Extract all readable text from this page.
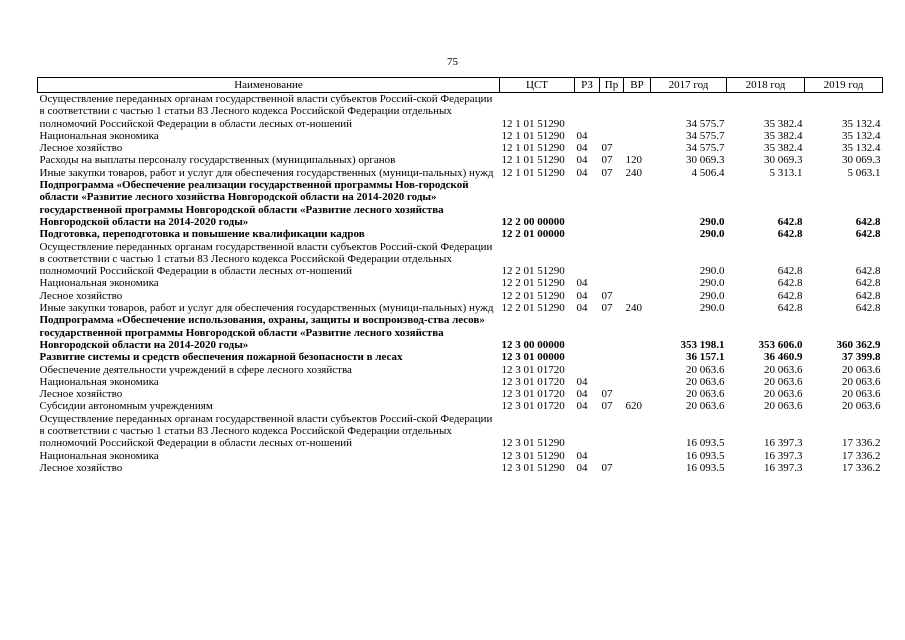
75
Наименование	ЦСТ	РЗ	Пр	ВР	2017 год	2018 год	2019 год
Осуществление переданных органам государственной власти субъектов Россий-ской Федерации в соответствии с частью 1 статьи 83 Лесного кодекса Российской Федерации отдельных полномочий Российской Федерации в области лесных от-ношений	12 1 01 51290				34 575.7	35 382.4	35 132.4
Национальная экономика	12 1 01 51290	04			34 575.7	35 382.4	35 132.4
Лесное хозяйство	12 1 01 51290	04	07		34 575.7	35 382.4	35 132.4
Расходы на выплаты персоналу государственных (муниципальных) органов	12 1 01 51290	04	07	120	30 069.3	30 069.3	30 069.3
Иные закупки товаров, работ и услуг для обеспечения государственных (муници-пальных) нужд	12 1 01 51290	04	07	240	4 506.4	5 313.1	5 063.1
Подпрограмма «Обеспечение реализации государственной программы Нов-городской области «Развитие лесного хозяйства Новгородской области на 2014-2020 годы» государственной программы Новгородской области «Развитие лесного хозяйства Новгородской области на 2014-2020 годы»	12 2 00 00000				290.0	642.8	642.8
Подготовка, переподготовка и повышение квалификации кадров	12 2 01 00000				290.0	642.8	642.8
Осуществление переданных органам государственной власти субъектов Россий-ской Федерации в соответствии с частью 1 статьи 83 Лесного кодекса Российской Федерации отдельных полномочий Российской Федерации в области лесных от-ношений	12 2 01 51290				290.0	642.8	642.8
Национальная экономика	12 2 01 51290	04			290.0	642.8	642.8
Лесное хозяйство	12 2 01 51290	04	07		290.0	642.8	642.8
Иные закупки товаров, работ и услуг для обеспечения государственных (муници-пальных) нужд	12 2 01 51290	04	07	240	290.0	642.8	642.8
Подпрограмма «Обеспечение использования, охраны, защиты и воспроизвод-ства лесов» государственной программы Новгородской области «Развитие лесного хозяйства Новгородской области на 2014-2020 годы»	12 3 00 00000				353 198.1	353 606.0	360 362.9
Развитие системы и средств обеспечения пожарной безопасности в лесах	12 3 01 00000				36 157.1	36 460.9	37 399.8
Обеспечение деятельности учреждений в сфере лесного хозяйства	12 3 01 01720				20 063.6	20 063.6	20 063.6
Национальная экономика	12 3 01 01720	04			20 063.6	20 063.6	20 063.6
Лесное хозяйство	12 3 01 01720	04	07		20 063.6	20 063.6	20 063.6
Субсидии автономным учреждениям	12 3 01 01720	04	07	620	20 063.6	20 063.6	20 063.6
Осуществление переданных органам государственной власти субъектов Россий-ской Федерации в соответствии с частью 1 статьи 83 Лесного кодекса Российской Федерации отдельных полномочий Российской Федерации в области лесных от-ношений	12 3 01 51290				16 093.5	16 397.3	17 336.2
Национальная экономика	12 3 01 51290	04			16 093.5	16 397.3	17 336.2
Лесное хозяйство	12 3 01 51290	04	07		16 093.5	16 397.3	17 336.2
